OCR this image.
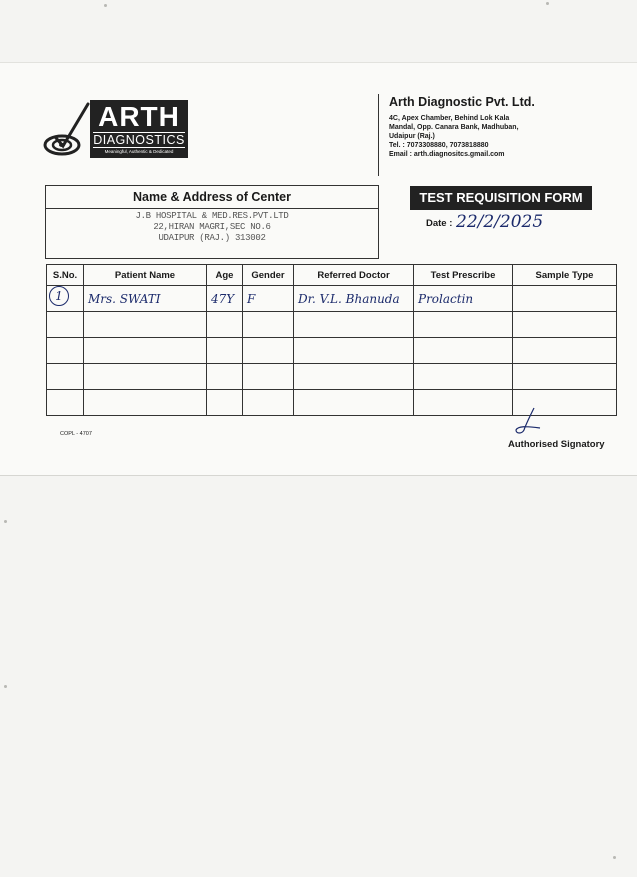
ARTH
DIAGNOSTICS
Meaningful, Authentic & Dedicated
Arth Diagnostic Pvt. Ltd.
4C, Apex Chamber, Behind Lok Kala
Mandal, Opp. Canara Bank, Madhuban,
Udaipur (Raj.)
Tel. : 7073308880, 7073818880
Email : arth.diagnositcs.gmail.com
Name & Address of Center
J.B HOSPITAL & MED.RES.PVT.LTD
22,HIRAN MAGRI,SEC NO.6
UDAIPUR (RAJ.) 313002
TEST REQUISITION FORM
Date : 22/2/2025
S.No.	Patient Name	Age	Gender	Referred Doctor	Test Prescribe	Sample Type
1	Mrs. SWATI	47Y	F	Dr. V.L. Bhanuda	Prolactin	

COPL - 4707
Authorised Signatory
